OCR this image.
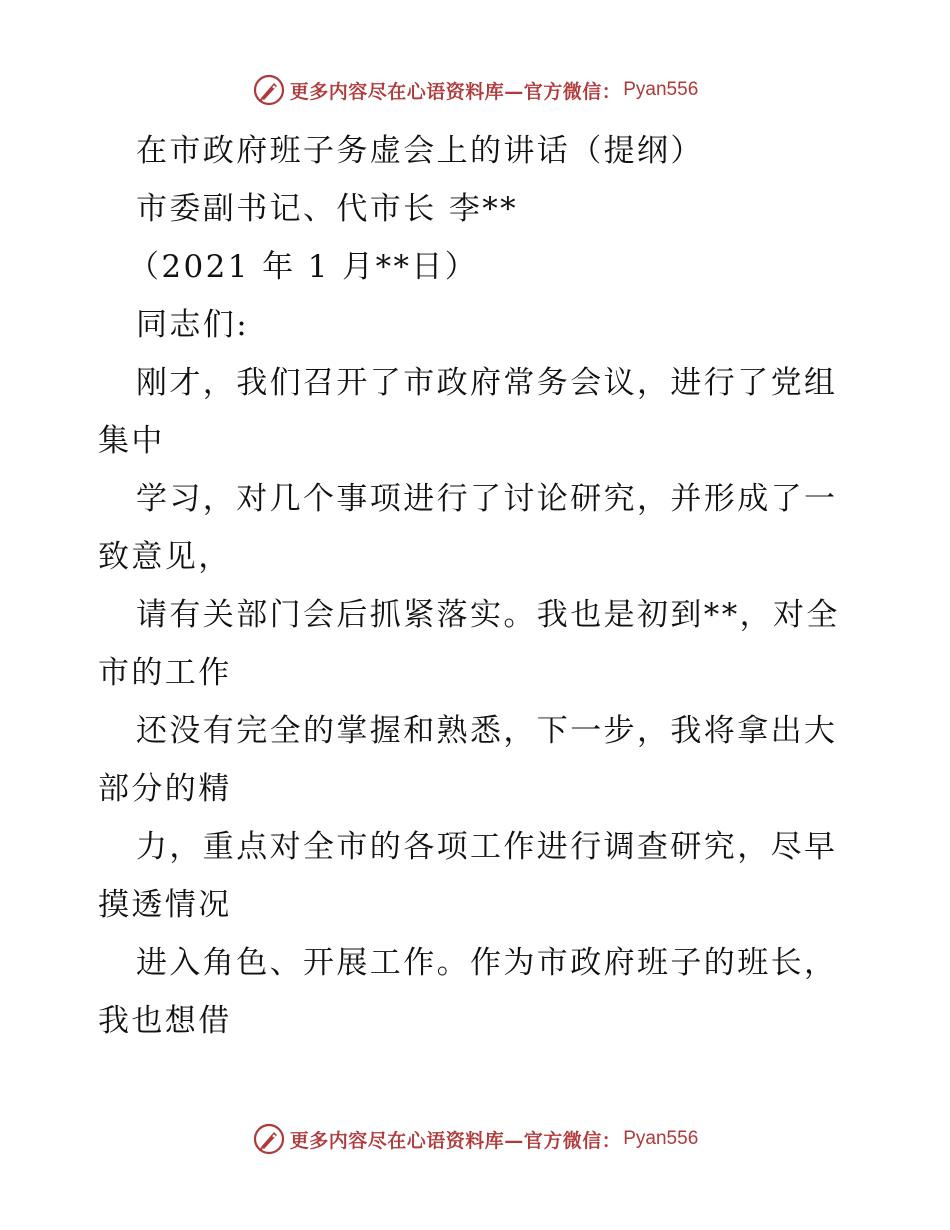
更多内容尽在心语资料库—官方微信： Pyan556
在市政府班子务虚会上的讲话（提纲）
市委副书记、代市长 李**
（2021 年 1 月**日）
同志们:
刚才，我们召开了市政府常务会议，进行了党组
集中
学习，对几个事项进行了讨论研究，并形成了一
致意见，
请有关部门会后抓紧落实。我也是初到**，对全
市的工作
还没有完全的掌握和熟悉，下一步，我将拿出大
部分的精
力，重点对全市的各项工作进行调查研究，尽早
摸透情况
进入角色、开展工作。作为市政府班子的班长，
我也想借
更多内容尽在心语资料库—官方微信： Pyan556
